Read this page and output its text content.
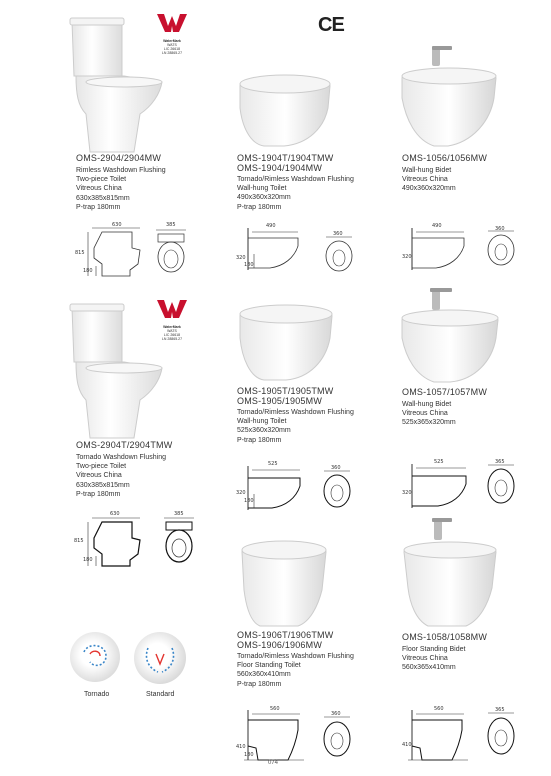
CE
WaterMark
WATS
LIC 26618
LN 28865.27
WaterMark
WATS
LIC 26618
LN 28865.27
OMS-2904/2904MW
Rimless Washdown Flushing
Two-piece Toilet
Vitreous China
630x385x815mm
P-trap 180mm
630
815
180
385
OMS-1904T/1904TMW
OMS-1904/1904MW
Tornado/Rimless Washdown Flushing
Wall-hung Toilet
490x360x320mm
P-trap 180mm
490
320
180
360
OMS-1056/1056MW
Wall-hung Bidet
Vitreous China
490x360x320mm
490
320
360
OMS-2904T/2904TMW
Tornado Washdown Flushing
Two-piece Toilet
Vitreous China
630x385x815mm
P-trap 180mm
630
815
180
385
Tornado	Standard
OMS-1905T/1905TMW
OMS-1905/1905MW
Tornado/Rimless Washdown Flushing
Wall-hung Toilet
525x360x320mm
P-trap 180mm
525
320
180
360
OMS-1057/1057MW
Wall-hung Bidet
Vitreous China
525x365x320mm
525
320
365
OMS-1906T/1906TMW
OMS-1906/1906MW
Tornado/Rimless Washdown Flushing
Floor Standing Toilet
560x360x410mm
P-trap 180mm
560
410
180
360
OMS-1058/1058MW
Floor Standing Bidet
Vitreous China
560x365x410mm
560
410
365
074
